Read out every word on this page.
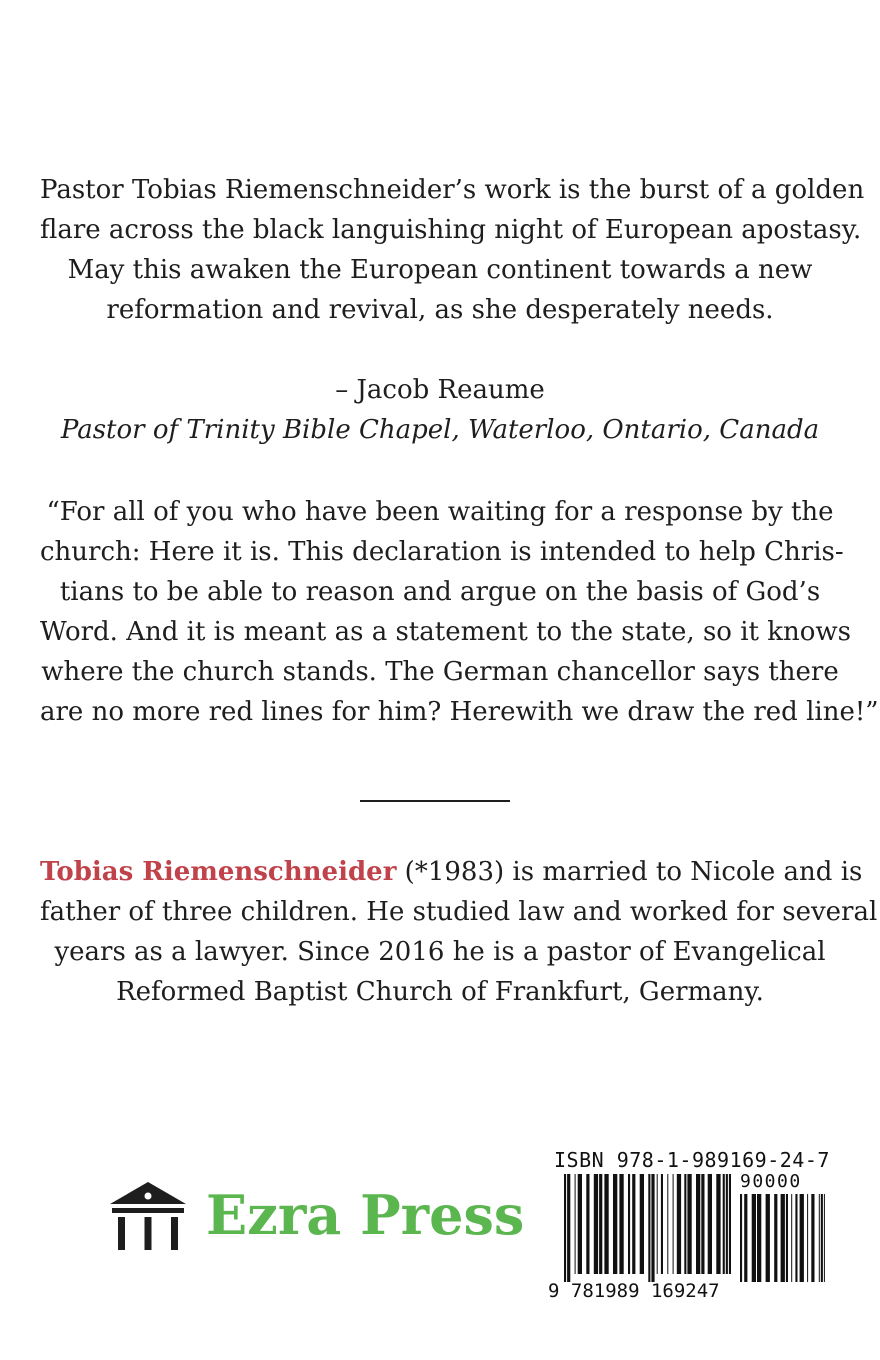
Pastor Tobias Riemenschneider’s work is the burst of a golden
flare across the black languishing night of European apostasy.
May this awaken the European continent towards a new
reformation and revival, as she desperately needs.
– Jacob Reaume
Pastor of Trinity Bible Chapel, Waterloo, Ontario, Canada
“For all of you who have been waiting for a response by the
church: Here it is. This declaration is intended to help Chris-
tians to be able to reason and argue on the basis of God’s
Word. And it is meant as a statement to the state, so it knows
where the church stands. The German chancellor says there
are no more red lines for him? Herewith we draw the red line!”
Tobias Riemenschneider (*1983) is married to Nicole and is
father of three children. He studied law and worked for several
years as a lawyer. Since 2016 he is a pastor of Evangelical
Reformed Baptist Church of Frankfurt, Germany.
Ezra Press
ISBN 978-1-989169-24-7
90000
9 781989 169247
